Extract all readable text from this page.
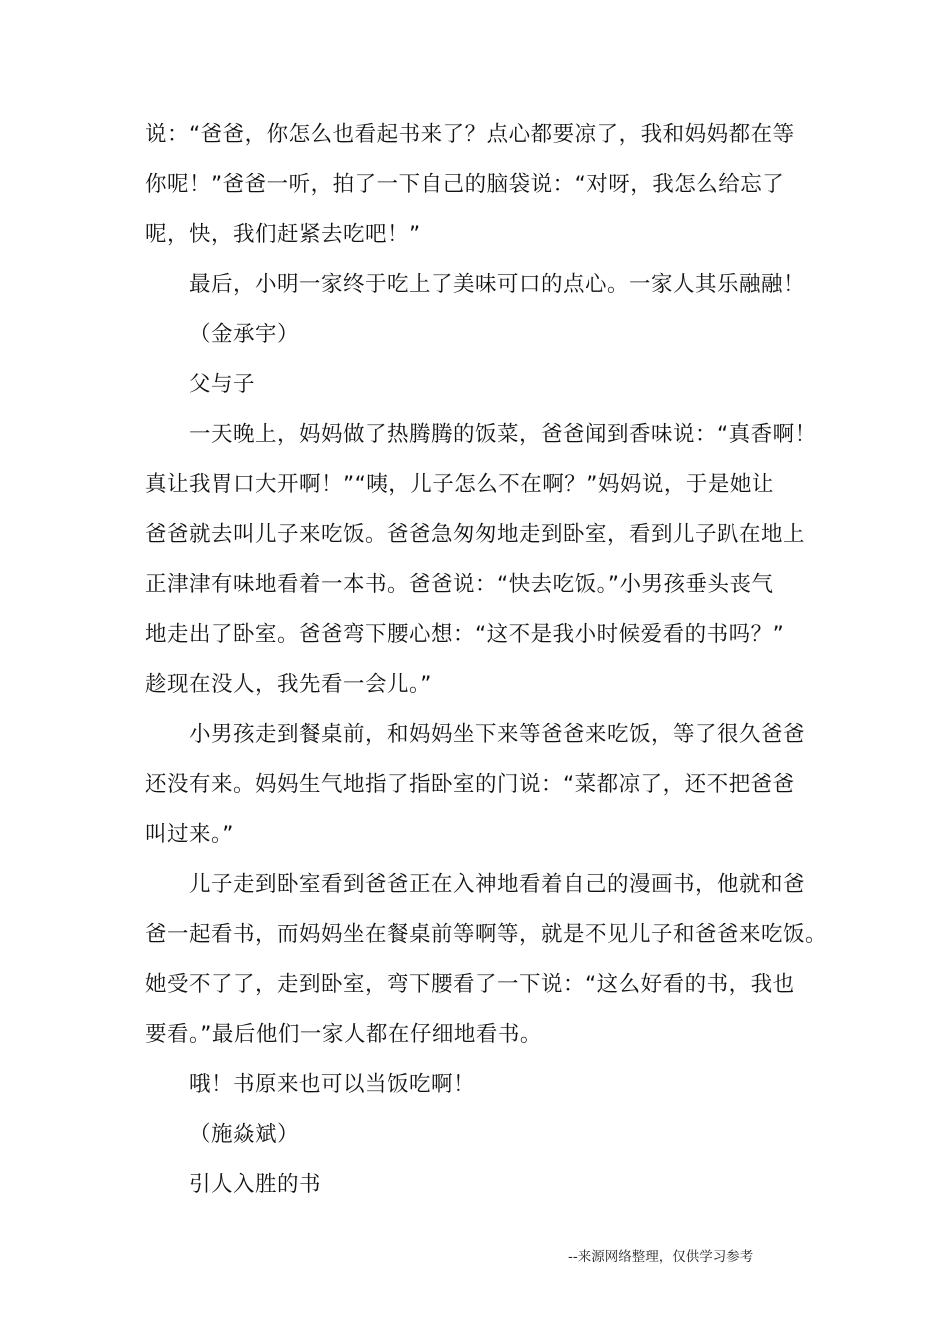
说：“爸爸，你怎么也看起书来了？点心都要凉了，我和妈妈都在等
你呢！”爸爸一听，拍了一下自己的脑袋说：“对呀，我怎么给忘了
呢，快，我们赶紧去吃吧！”
最后，小明一家终于吃上了美味可口的点心。一家人其乐融融！
（金承宇）
父与子
一天晚上，妈妈做了热腾腾的饭菜，爸爸闻到香味说：“真香啊！
真让我胃口大开啊！”“咦，儿子怎么不在啊？”妈妈说，于是她让
爸爸就去叫儿子来吃饭。爸爸急匆匆地走到卧室，看到儿子趴在地上
正津津有味地看着一本书。爸爸说：“快去吃饭。”小男孩垂头丧气
地走出了卧室。爸爸弯下腰心想：“这不是我小时候爱看的书吗？”
趁现在没人，我先看一会儿。”
小男孩走到餐桌前，和妈妈坐下来等爸爸来吃饭，等了很久爸爸
还没有来。妈妈生气地指了指卧室的门说：“菜都凉了，还不把爸爸
叫过来。”
儿子走到卧室看到爸爸正在入神地看着自己的漫画书，他就和爸
爸一起看书，而妈妈坐在餐桌前等啊等，就是不见儿子和爸爸来吃饭。
她受不了了，走到卧室，弯下腰看了一下说：“这么好看的书，我也
要看。”最后他们一家人都在仔细地看书。
哦！书原来也可以当饭吃啊！
（施焱斌）
引人入胜的书
--来源网络整理，仅供学习参考
